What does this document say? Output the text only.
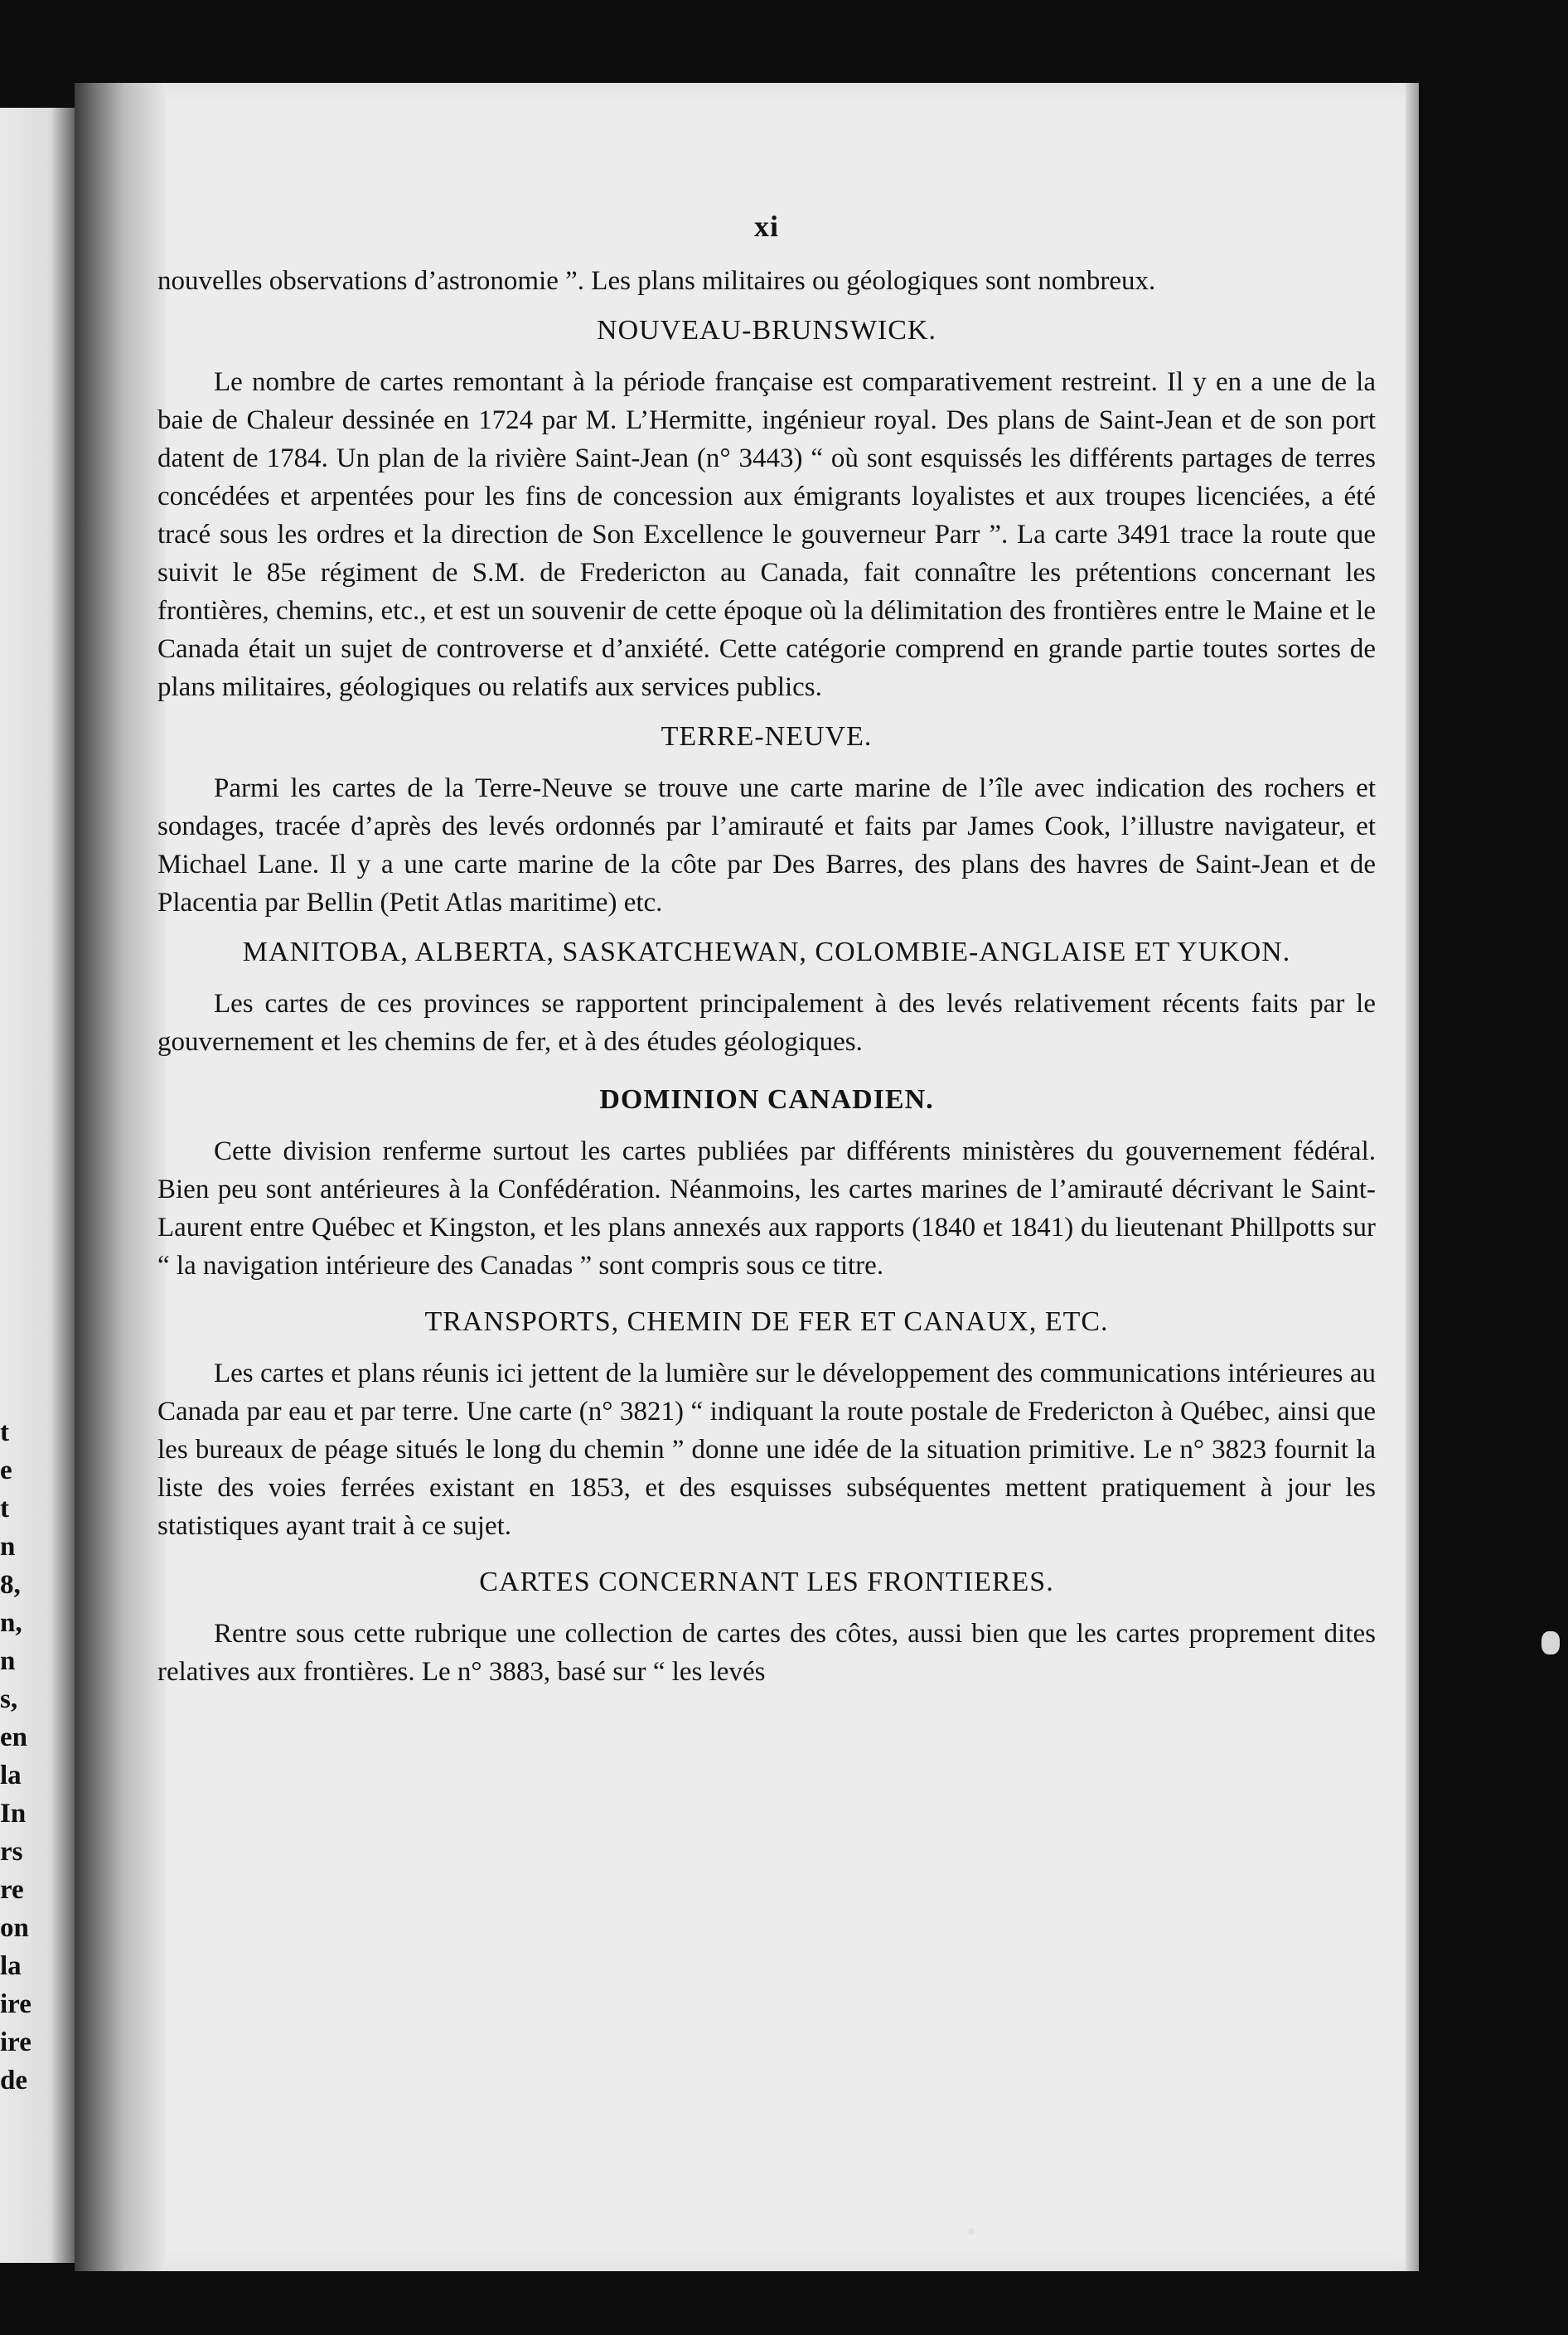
t
e
t
n
8,
n,
n
s,
en
la
In
rs
re
on
la
ire
ire
de
xi

nouvelles observations d’astronomie ”. Les plans militaires ou géologiques sont nombreux.

NOUVEAU-BRUNSWICK.

Le nombre de cartes remontant à la période française est comparativement restreint. Il y en a une de la baie de Chaleur dessinée en 1724 par M. L’Hermitte, ingénieur royal. Des plans de Saint-Jean et de son port datent de 1784. Un plan de la rivière Saint-Jean (n° 3443) “ où sont esquissés les différents partages de terres concédées et arpentées pour les fins de concession aux émigrants loyalistes et aux troupes licenciées, a été tracé sous les ordres et la direction de Son Excellence le gouverneur Parr ”. La carte 3491 trace la route que suivit le 85e régiment de S.M. de Fredericton au Canada, fait connaître les prétentions concernant les frontières, chemins, etc., et est un souvenir de cette époque où la délimitation des frontières entre le Maine et le Canada était un sujet de controverse et d’anxiété. Cette catégorie comprend en grande partie toutes sortes de plans militaires, géologiques ou relatifs aux services publics.

TERRE-NEUVE.

Parmi les cartes de la Terre-Neuve se trouve une carte marine de l’île avec indication des rochers et sondages, tracée d’après des levés ordonnés par l’amirauté et faits par James Cook, l’illustre navigateur, et Michael Lane. Il y a une carte marine de la côte par Des Barres, des plans des havres de Saint-Jean et de Placentia par Bellin (Petit Atlas maritime) etc.

MANITOBA, ALBERTA, SASKATCHEWAN, COLOMBIE-ANGLAISE ET YUKON.

Les cartes de ces provinces se rapportent principalement à des levés relativement récents faits par le gouvernement et les chemins de fer, et à des études géologiques.

DOMINION CANADIEN.

Cette division renferme surtout les cartes publiées par différents ministères du gouvernement fédéral. Bien peu sont antérieures à la Confédération. Néanmoins, les cartes marines de l’amirauté décrivant le Saint-Laurent entre Québec et Kingston, et les plans annexés aux rapports (1840 et 1841) du lieutenant Phillpotts sur “ la navigation intérieure des Canadas ” sont compris sous ce titre.

TRANSPORTS, CHEMIN DE FER ET CANAUX, ETC.

Les cartes et plans réunis ici jettent de la lumière sur le développement des communications intérieures au Canada par eau et par terre. Une carte (n° 3821) “ indiquant la route postale de Fredericton à Québec, ainsi que les bureaux de péage situés le long du chemin ” donne une idée de la situation primitive. Le n° 3823 fournit la liste des voies ferrées existant en 1853, et des esquisses subséquentes mettent pratiquement à jour les statistiques ayant trait à ce sujet.

CARTES CONCERNANT LES FRONTIERES.

Rentre sous cette rubrique une collection de cartes des côtes, aussi bien que les cartes proprement dites relatives aux frontières. Le n° 3883, basé sur “ les levés
